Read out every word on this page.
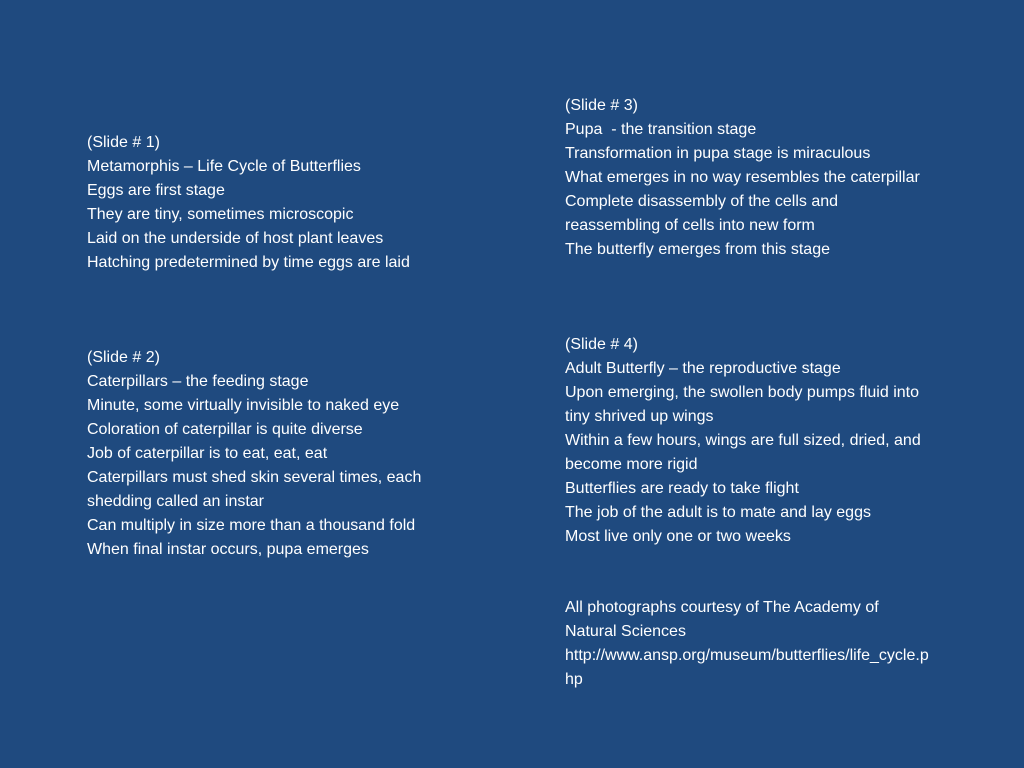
(Slide # 1)

Metamorphis – Life Cycle of Butterflies

Eggs are first stage

They are tiny, sometimes microscopic

Laid on the underside of host plant leaves

Hatching predetermined by time eggs are laid

(Slide # 2)

Caterpillars – the feeding stage

Minute, some virtually invisible to naked eye

Coloration of caterpillar is quite diverse

Job of caterpillar is to eat, eat, eat

Caterpillars must shed skin several times, each shedding called an instar

Can multiply in size more than a thousand fold

When final instar occurs, pupa emerges

(Slide # 3)

Pupa  - the transition stage

Transformation in pupa stage is miraculous

What emerges in no way resembles the caterpillar

Complete disassembly of the cells and reassembling of cells into new form

The butterfly emerges from this stage

(Slide # 4)

Adult Butterfly – the reproductive stage

Upon emerging, the swollen body pumps fluid into tiny shrived up wings

Within a few hours, wings are full sized, dried, and become more rigid

Butterflies are ready to take flight

The job of the adult is to mate and lay eggs

Most live only one or two weeks

All photographs courtesy of The Academy of Natural Sciences

http://www.ansp.org/museum/butterflies/life_cycle.php
